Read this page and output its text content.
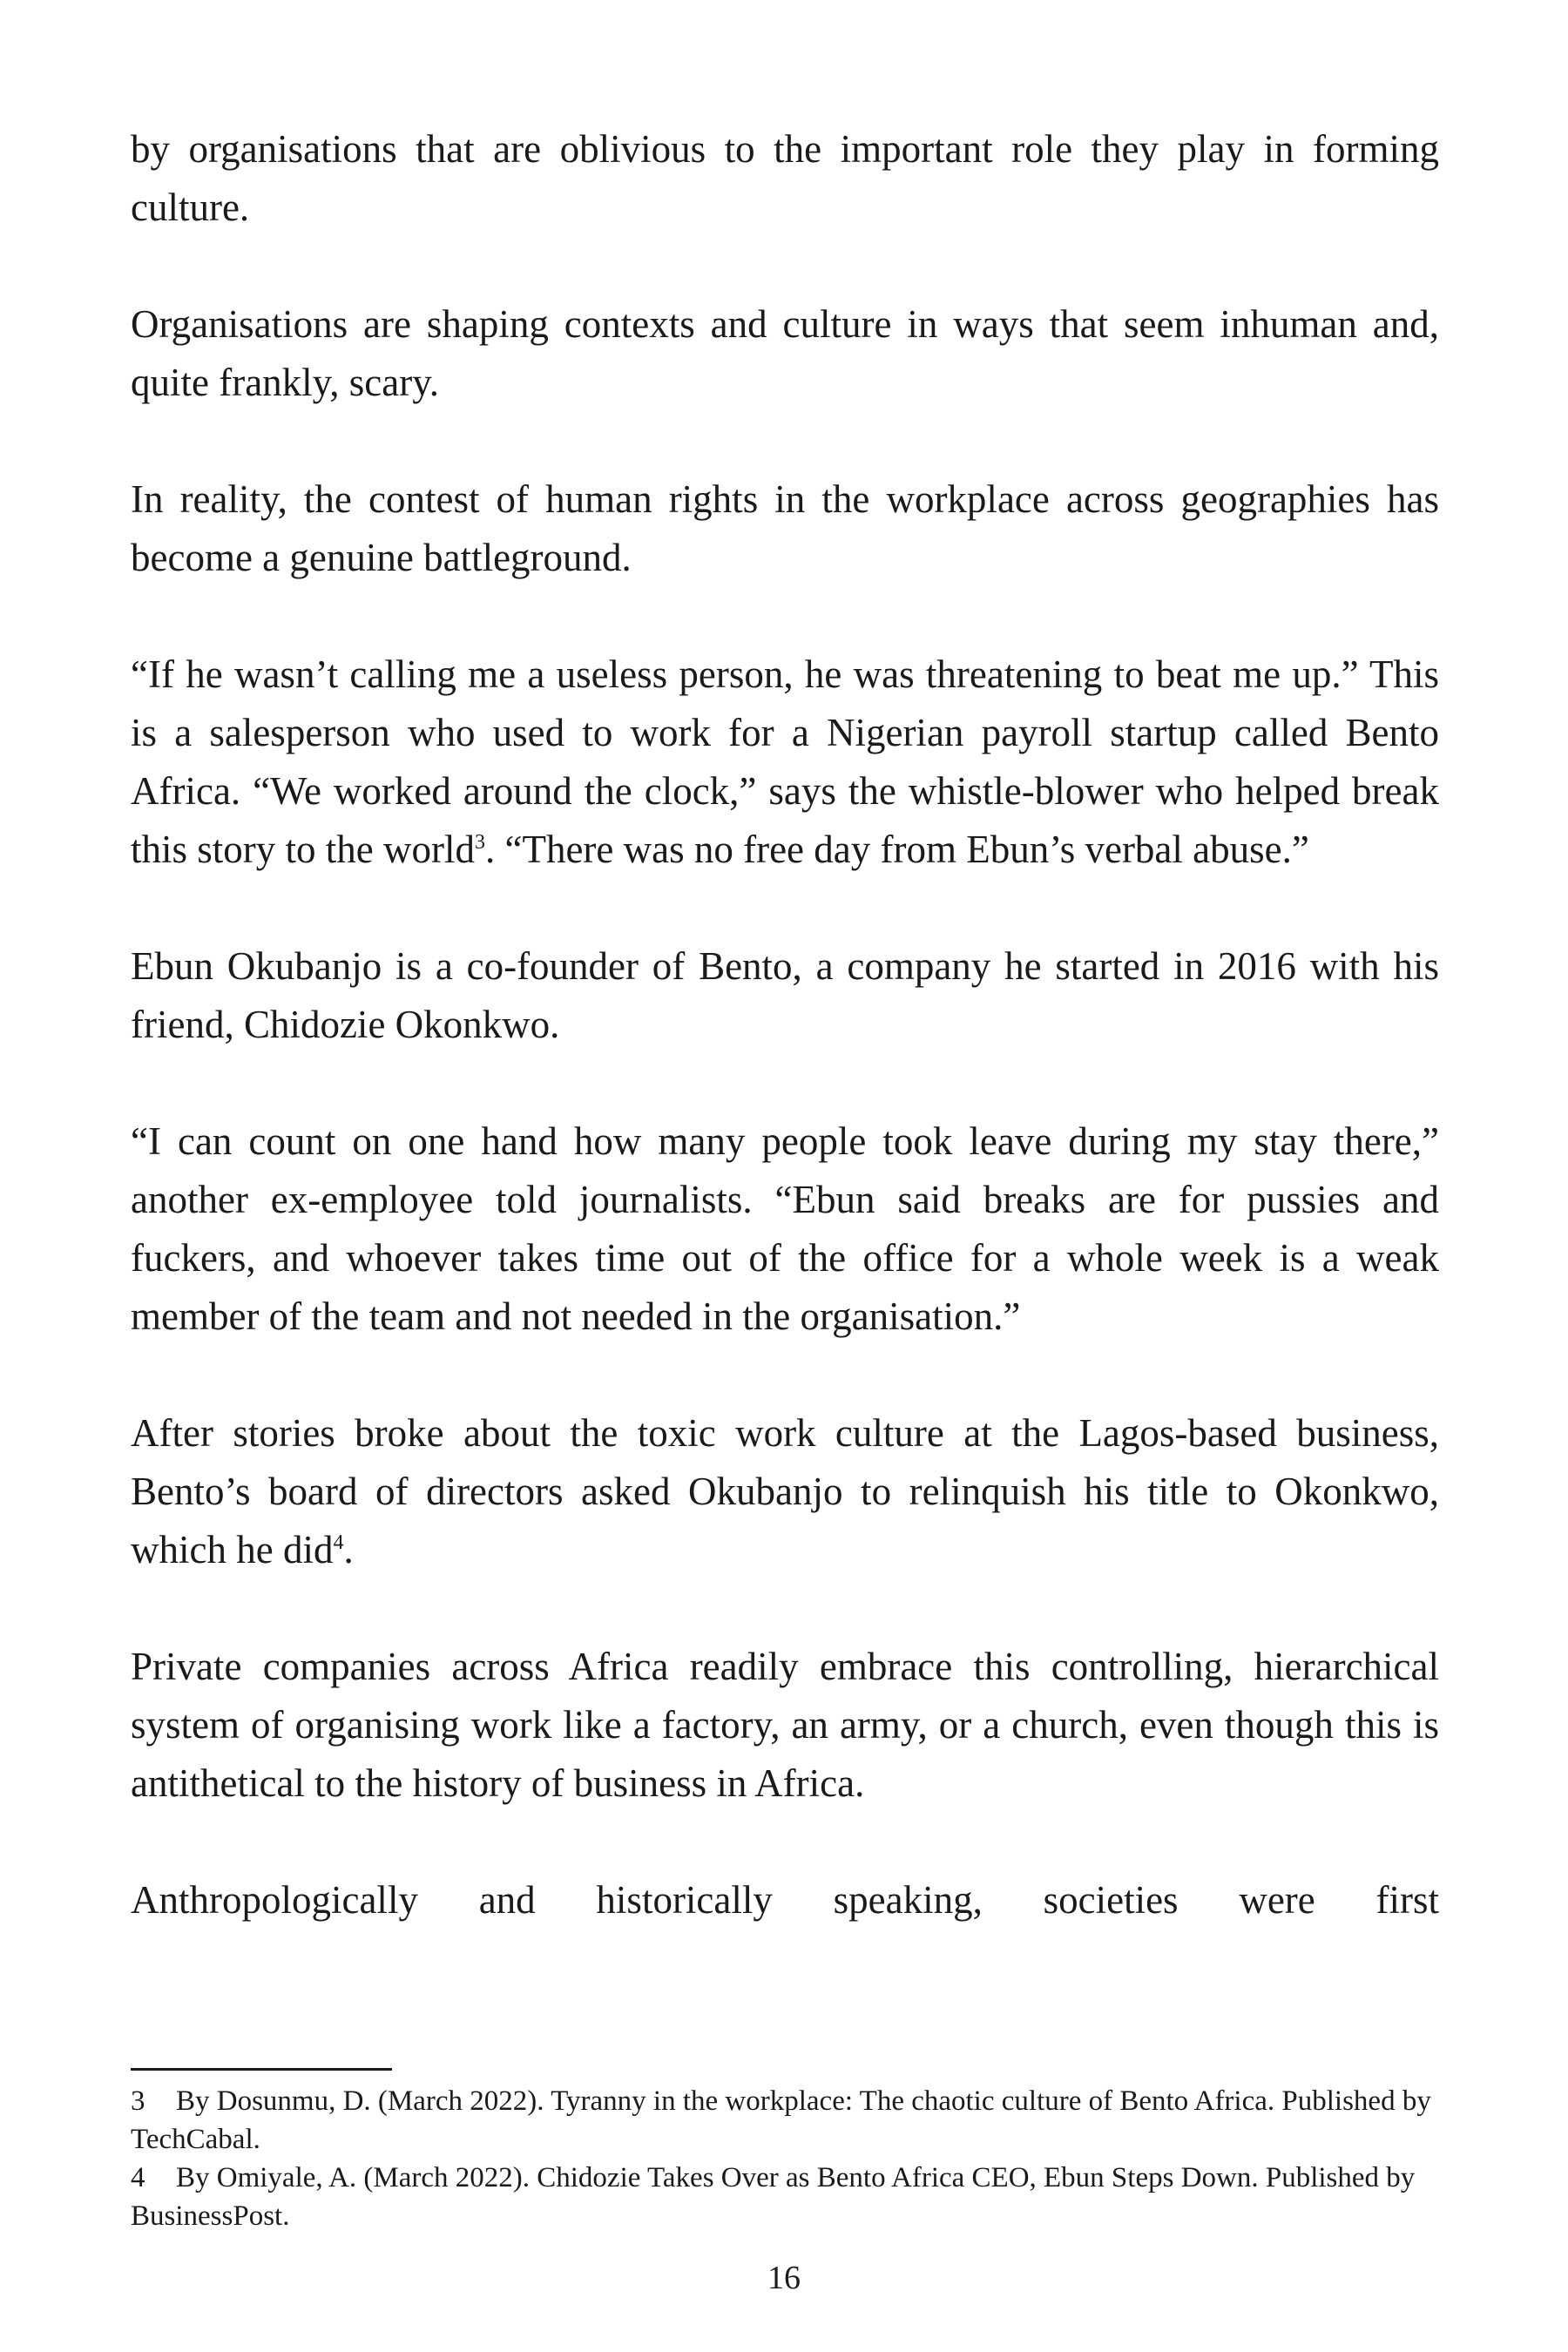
by organisations that are oblivious to the important role they play in forming culture.

Organisations are shaping contexts and culture in ways that seem inhuman and, quite frankly, scary.

In reality, the contest of human rights in the workplace across geographies has become a genuine battleground.

“If he wasn’t calling me a useless person, he was threatening to beat me up.” This is a salesperson who used to work for a Nigerian payroll startup called Bento Africa. “We worked around the clock,” says the whistle-blower who helped break this story to the world$^3$. “There was no free day from Ebun’s verbal abuse.”

Ebun Okubanjo is a co-founder of Bento, a company he started in 2016 with his friend, Chidozie Okonkwo.

“I can count on one hand how many people took leave during my stay there,” another ex-employee told journalists. “Ebun said breaks are for pussies and fuckers, and whoever takes time out of the office for a whole week is a weak member of the team and not needed in the organisation.”

After stories broke about the toxic work culture at the Lagos-based business, Bento’s board of directors asked Okubanjo to relinquish his title to Okonkwo, which he did$^4$.

Private companies across Africa readily embrace this controlling, hierarchical system of organising work like a factory, an army, or a church, even though this is antithetical to the history of business in Africa.

Anthropologically and historically speaking, societies were first

3 By Dosunmu, D. (March 2022). Tyranny in the workplace: The chaotic culture of Bento Africa. Published by TechCabal.

4 By Omiyale, A. (March 2022). Chidozie Takes Over as Bento Africa CEO, Ebun Steps Down. Published by BusinessPost.

16
